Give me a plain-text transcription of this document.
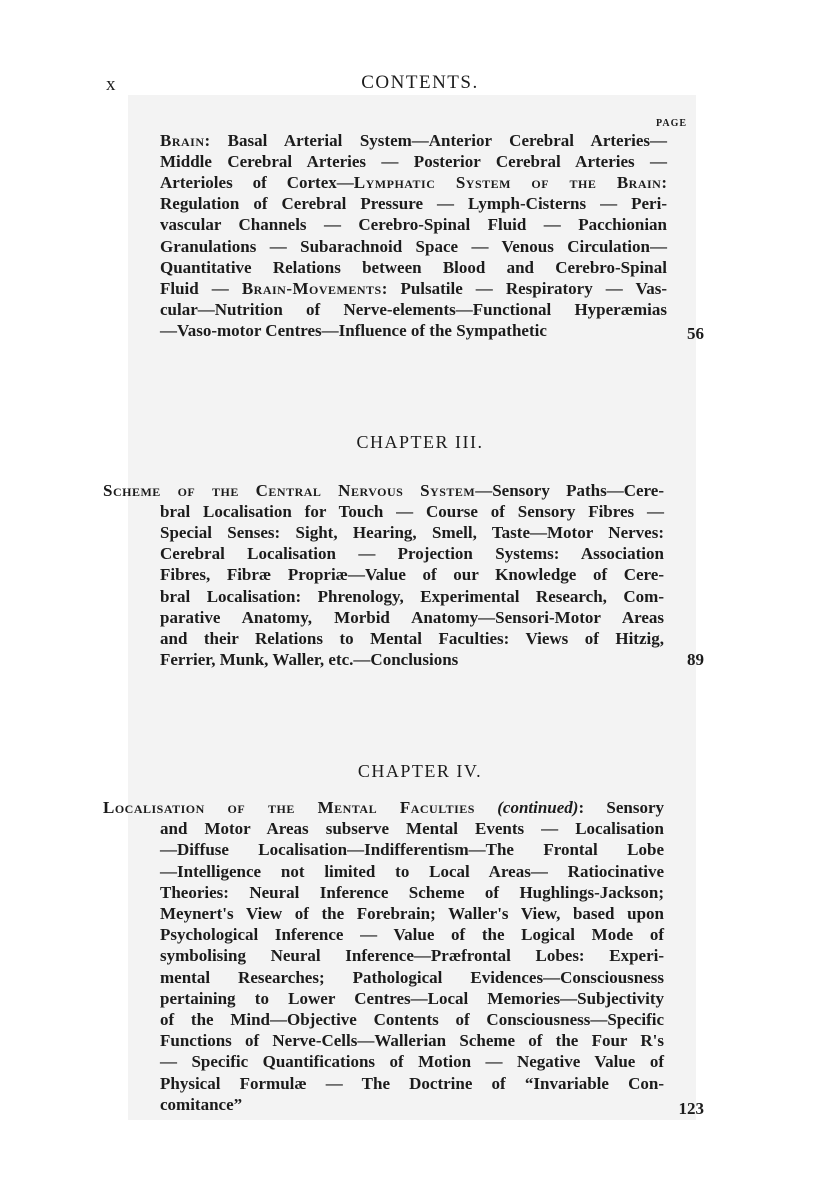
x	CONTENTS.
PAGE
56
CHAPTER III.
89
CHAPTER IV.
123
Brain: Basal Arterial System—Anterior Cerebral Arteries—
Middle Cerebral Arteries — Posterior Cerebral Arteries —
Arterioles of Cortex—Lymphatic System of the Brain:
Regulation of Cerebral Pressure — Lymph-Cisterns — Peri-
vascular Channels — Cerebro-Spinal Fluid — Pacchionian
Granulations — Subarachnoid Space — Venous Circulation—
Quantitative Relations between Blood and Cerebro-Spinal
Fluid — Brain-Movements: Pulsatile — Respiratory — Vas-
cular—Nutrition of Nerve-elements—Functional Hyperæmias
—Vaso-motor Centres—Influence of the Sympathetic
Scheme of the Central Nervous System—Sensory Paths—Cere-
bral Localisation for Touch — Course of Sensory Fibres —
Special Senses: Sight, Hearing, Smell, Taste—Motor Nerves:
Cerebral Localisation — Projection Systems: Association
Fibres, Fibræ Propriæ—Value of our Knowledge of Cere-
bral Localisation: Phrenology, Experimental Research, Com-
parative Anatomy, Morbid Anatomy—Sensori-Motor Areas
and their Relations to Mental Faculties: Views of Hitzig,
Ferrier, Munk, Waller, etc.—Conclusions
Localisation of the Mental Faculties (continued): Sensory
and Motor Areas subserve Mental Events — Localisation
—Diffuse Localisation—Indifferentism—The Frontal Lobe
—Intelligence not limited to Local Areas— Ratiocinative
Theories: Neural Inference Scheme of Hughlings-Jackson;
Meynert's View of the Forebrain; Waller's View, based upon
Psychological Inference — Value of the Logical Mode of
symbolising Neural Inference—Præfrontal Lobes: Experi-
mental Researches; Pathological Evidences—Consciousness
pertaining to Lower Centres—Local Memories—Subjectivity
of the Mind—Objective Contents of Consciousness—Specific
Functions of Nerve-Cells—Wallerian Scheme of the Four R's
— Specific Quantifications of Motion — Negative Value of
Physical Formulæ — The Doctrine of “Invariable Con-
comitance”
